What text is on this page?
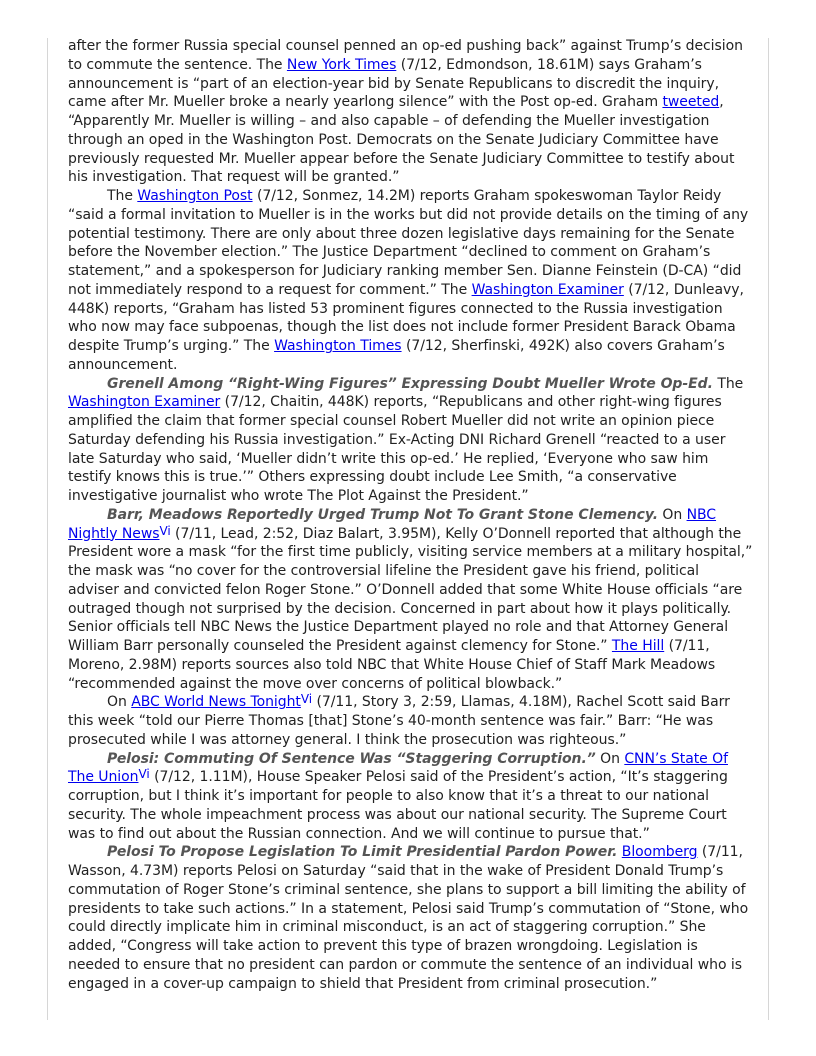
after the former Russia special counsel penned an op-ed pushing back” against Trump’s decision to commute the sentence. The New York Times (7/12, Edmondson, 18.61M) says Graham’s announcement is “part of an election-year bid by Senate Republicans to discredit the inquiry, came after Mr. Mueller broke a nearly yearlong silence” with the Post op-ed. Graham tweeted, “Apparently Mr. Mueller is willing – and also capable – of defending the Mueller investigation through an oped in the Washington Post. Democrats on the Senate Judiciary Committee have previously requested Mr. Mueller appear before the Senate Judiciary Committee to testify about his investigation. That request will be granted.”

The Washington Post (7/12, Sonmez, 14.2M) reports Graham spokeswoman Taylor Reidy “said a formal invitation to Mueller is in the works but did not provide details on the timing of any potential testimony. There are only about three dozen legislative days remaining for the Senate before the November election.” The Justice Department “declined to comment on Graham’s statement,” and a spokesperson for Judiciary ranking member Sen. Dianne Feinstein (D-CA) “did not immediately respond to a request for comment.” The Washington Examiner (7/12, Dunleavy, 448K) reports, “Graham has listed 53 prominent figures connected to the Russia investigation who now may face subpoenas, though the list does not include former President Barack Obama despite Trump’s urging.” The Washington Times (7/12, Sherfinski, 492K) also covers Graham’s announcement.

Grenell Among “Right-Wing Figures” Expressing Doubt Mueller Wrote Op-Ed. The Washington Examiner (7/12, Chaitin, 448K) reports, “Republicans and other right-wing figures amplified the claim that former special counsel Robert Mueller did not write an opinion piece Saturday defending his Russia investigation.” Ex-Acting DNI Richard Grenell “reacted to a user late Saturday who said, ‘Mueller didn’t write this op-ed.’ He replied, ‘Everyone who saw him testify knows this is true.’” Others expressing doubt include Lee Smith, “a conservative investigative journalist who wrote The Plot Against the President.”

Barr, Meadows Reportedly Urged Trump Not To Grant Stone Clemency. On NBC Nightly News$^{Vi}$ (7/11, Lead, 2:52, Diaz Balart, 3.95M), Kelly O’Donnell reported that although the President wore a mask “for the first time publicly, visiting service members at a military hospital,” the mask was “no cover for the controversial lifeline the President gave his friend, political adviser and convicted felon Roger Stone.” O’Donnell added that some White House officials “are outraged though not surprised by the decision. Concerned in part about how it plays politically. Senior officials tell NBC News the Justice Department played no role and that Attorney General William Barr personally counseled the President against clemency for Stone.” The Hill (7/11, Moreno, 2.98M) reports sources also told NBC that White House Chief of Staff Mark Meadows “recommended against the move over concerns of political blowback.”

On ABC World News Tonight$^{Vi}$ (7/11, Story 3, 2:59, Llamas, 4.18M), Rachel Scott said Barr this week “told our Pierre Thomas [that] Stone’s 40-month sentence was fair.” Barr: “He was prosecuted while I was attorney general. I think the prosecution was righteous.”

Pelosi: Commuting Of Sentence Was “Staggering Corruption.” On CNN’s State Of The Union$^{Vi}$ (7/12, 1.11M), House Speaker Pelosi said of the President’s action, “It’s staggering corruption, but I think it’s important for people to also know that it’s a threat to our national security. The whole impeachment process was about our national security. The Supreme Court was to find out about the Russian connection. And we will continue to pursue that.”

Pelosi To Propose Legislation To Limit Presidential Pardon Power. Bloomberg (7/11, Wasson, 4.73M) reports Pelosi on Saturday “said that in the wake of President Donald Trump’s commutation of Roger Stone’s criminal sentence, she plans to support a bill limiting the ability of presidents to take such actions.” In a statement, Pelosi said Trump’s commutation of “Stone, who could directly implicate him in criminal misconduct, is an act of staggering corruption.” She added, “Congress will take action to prevent this type of brazen wrongdoing. Legislation is needed to ensure that no president can pardon or commute the sentence of an individual who is engaged in a cover-up campaign to shield that President from criminal prosecution.”
